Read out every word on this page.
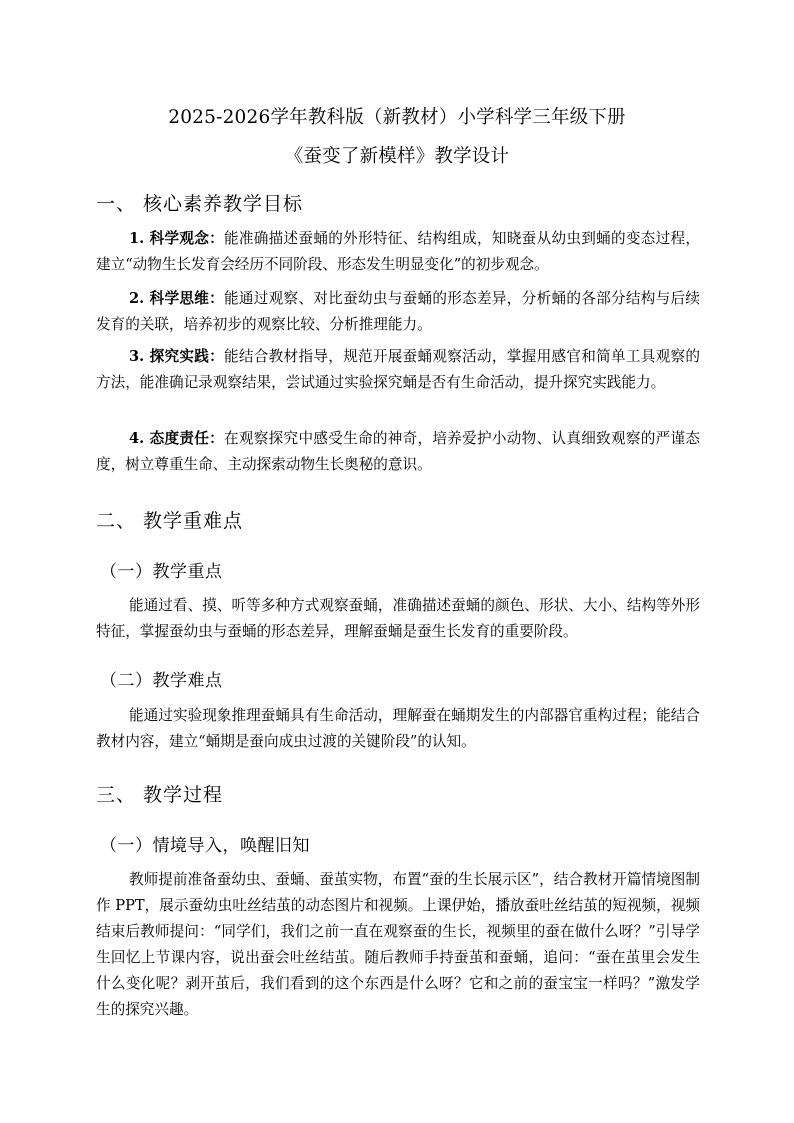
2025-2026学年教科版（新教材）小学科学三年级下册
《蚕变了新模样》教学设计
一、 核心素养教学目标
1. 科学观念：能准确描述蚕蛹的外形特征、结构组成，知晓蚕从幼虫到蛹的变态过程，建立“动物生长发育会经历不同阶段、形态发生明显变化”的初步观念。
2. 科学思维：能通过观察、对比蚕幼虫与蚕蛹的形态差异，分析蛹的各部分结构与后续发育的关联，培养初步的观察比较、分析推理能力。
3. 探究实践：能结合教材指导，规范开展蚕蛹观察活动，掌握用感官和简单工具观察的方法，能准确记录观察结果，尝试通过实验探究蛹是否有生命活动，提升探究实践能力。
4. 态度责任：在观察探究中感受生命的神奇，培养爱护小动物、认真细致观察的严谨态度，树立尊重生命、主动探索动物生长奥秘的意识。
二、 教学重难点
（一）教学重点
能通过看、摸、听等多种方式观察蚕蛹，准确描述蚕蛹的颜色、形状、大小、结构等外形特征，掌握蚕幼虫与蚕蛹的形态差异，理解蚕蛹是蚕生长发育的重要阶段。
（二）教学难点
能通过实验现象推理蚕蛹具有生命活动，理解蚕在蛹期发生的内部器官重构过程；能结合教材内容，建立“蛹期是蚕向成虫过渡的关键阶段”的认知。
三、 教学过程
（一）情境导入，唤醒旧知
教师提前准备蚕幼虫、蚕蛹、蚕茧实物，布置“蚕的生长展示区”，结合教材开篇情境图制作 PPT，展示蚕幼虫吐丝结茧的动态图片和视频。上课伊始，播放蚕吐丝结茧的短视频，视频结束后教师提问：“同学们，我们之前一直在观察蚕的生长，视频里的蚕在做什么呀？”引导学生回忆上节课内容，说出蚕会吐丝结茧。随后教师手持蚕茧和蚕蛹，追问：“蚕在茧里会发生什么变化呢？剥开茧后，我们看到的这个东西是什么呀？它和之前的蚕宝宝一样吗？”激发学生的探究兴趣。
